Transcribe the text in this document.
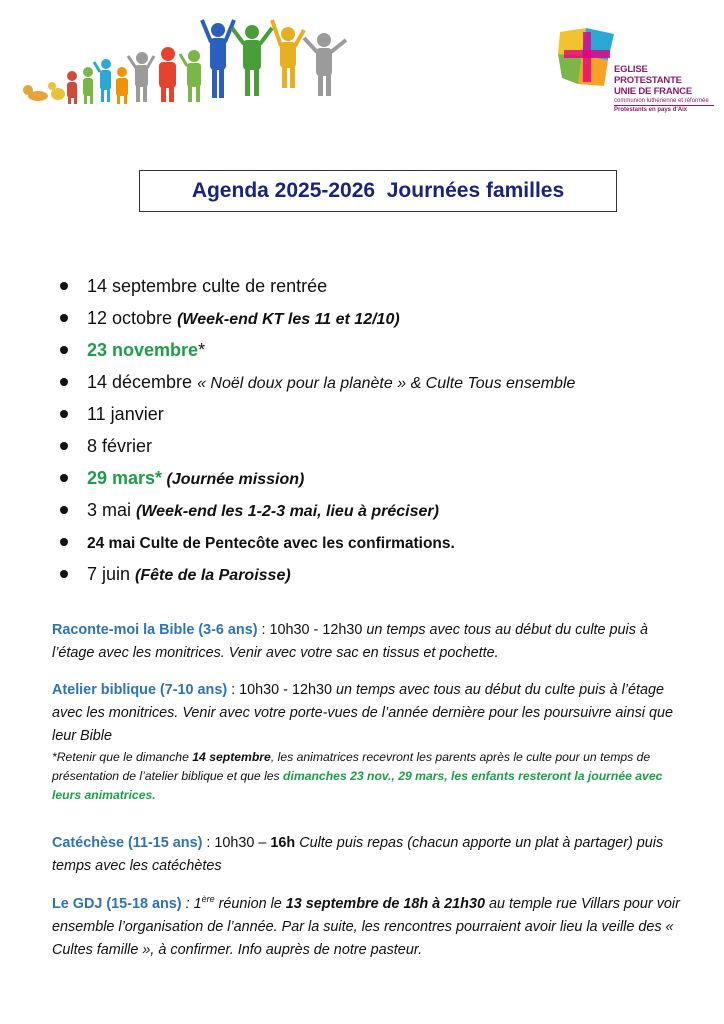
EGLISE PROTESTANTE
UNIE DE FRANCE
communion luthérienne et réformée
Protestants en pays d'Aix
Agenda 2025-2026  Journées familles
14 septembre culte de rentrée
12 octobre (Week-end KT les 11 et 12/10)
23 novembre*
14 décembre « Noël doux pour la planète » & Culte Tous ensemble
11 janvier
8 février
29 mars* (Journée mission)
3 mai (Week-end les 1-2-3 mai, lieu à préciser)
24 mai Culte de Pentecôte avec les confirmations.
7 juin (Fête de la Paroisse)
Raconte-moi la Bible (3-6 ans) : 10h30 - 12h30 un temps avec tous au début du culte puis à l’étage avec les monitrices. Venir avec votre sac en tissus et pochette.
Atelier biblique (7-10 ans) : 10h30 - 12h30 un temps avec tous au début du culte puis à l’étage avec les monitrices. Venir avec votre porte-vues de l’année dernière pour les poursuivre ainsi que leur Bible
*Retenir que le dimanche 14 septembre, les animatrices recevront les parents après le culte pour un temps de présentation de l’atelier biblique et que les dimanches 23 nov., 29 mars, les enfants resteront la journée avec leurs animatrices.
Catéchèse (11-15 ans) : 10h30 – 16h Culte puis repas (chacun apporte un plat à partager) puis temps avec les catéchètes
Le GDJ (15-18 ans) : 1ère réunion le 13 septembre de 18h à 21h30 au temple rue Villars pour voir ensemble l’organisation de l’année. Par la suite, les rencontres pourraient avoir lieu la veille des « Cultes famille », à confirmer. Info auprès de notre pasteur.
